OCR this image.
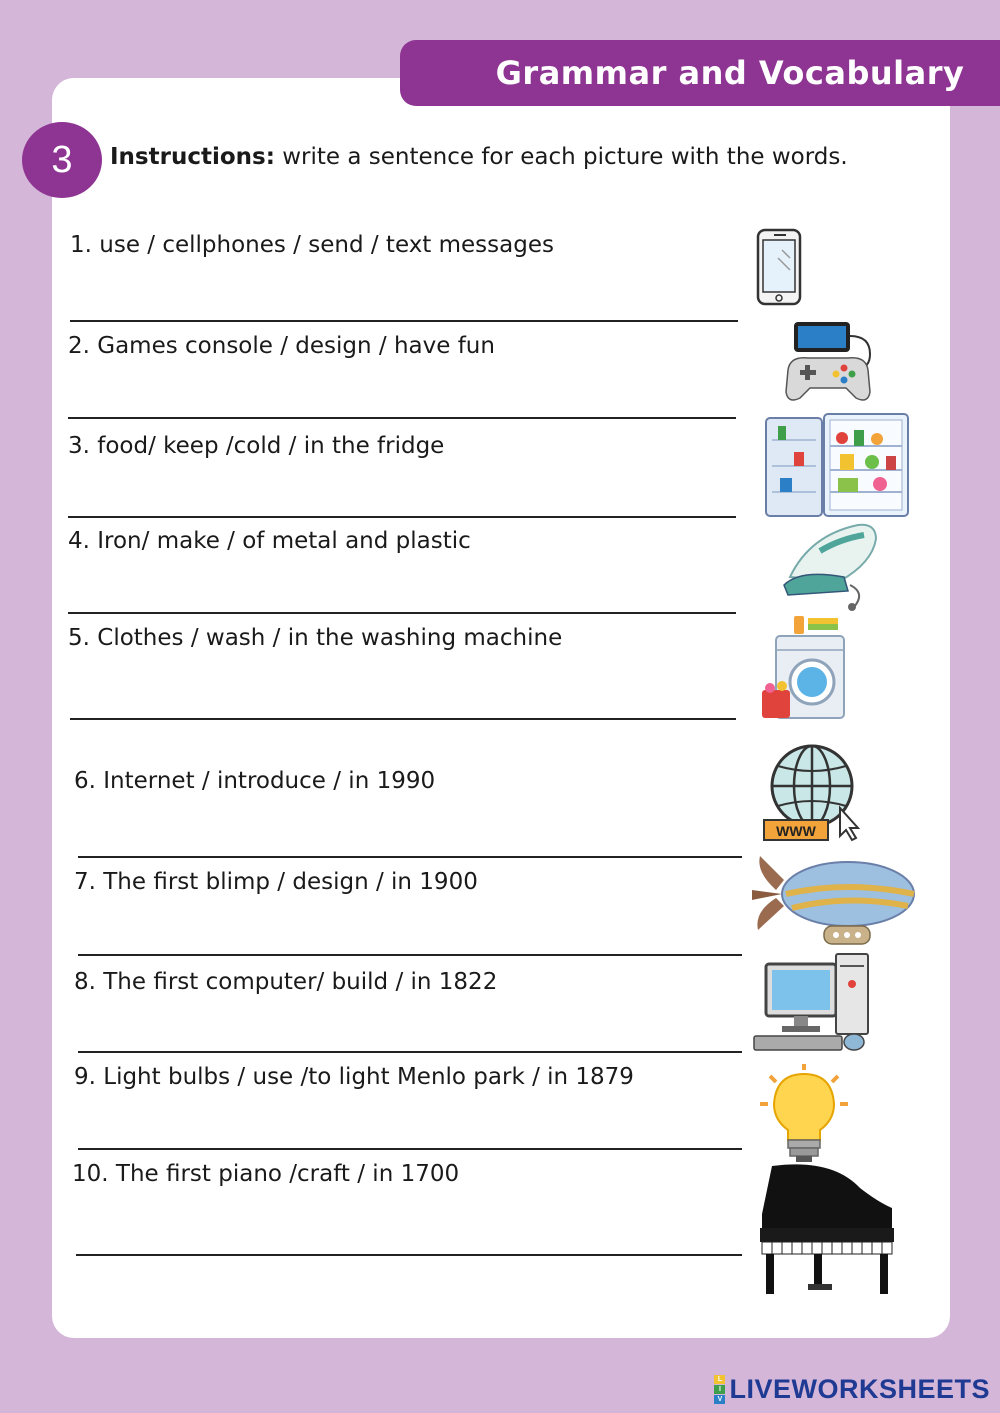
Grammar and Vocabulary
3	Instructions: write a sentence for each picture with the words.
1. use / cellphones / send / text messages
2. Games console / design / have fun
3. food/ keep /cold / in the fridge
4. Iron/ make / of metal and plastic
5. Clothes / wash / in the washing machine
6. Internet / introduce / in 1990
7. The first blimp / design / in 1900
8. The first computer/ build / in 1822
9. Light bulbs / use /to light Menlo park / in 1879
10. The first piano /craft / in 1700
WWW
L
I
V LIVEWORKSHEETS
